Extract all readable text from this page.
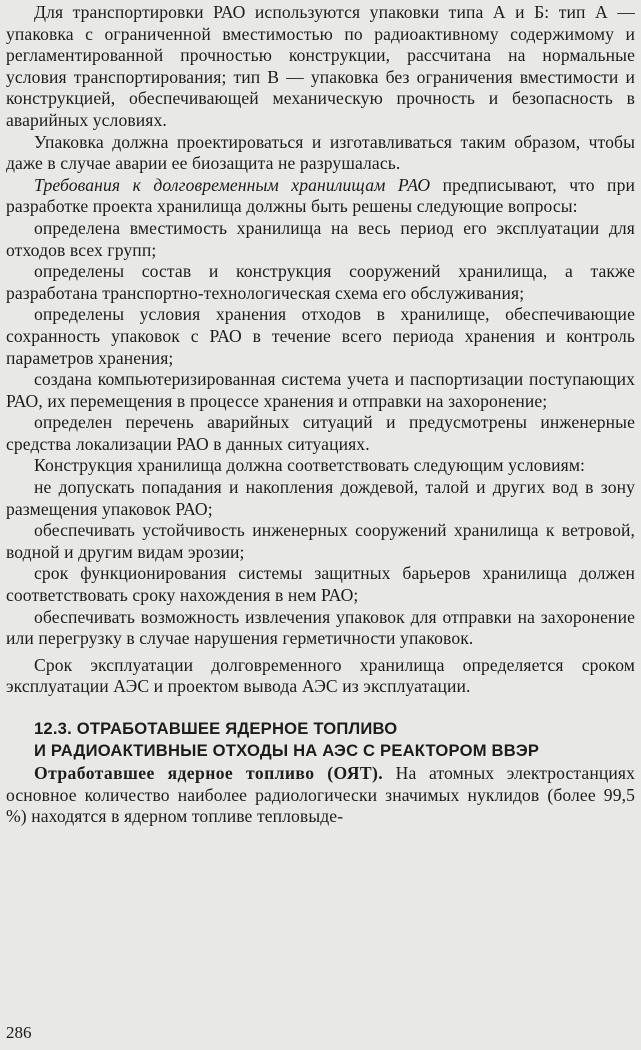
Для транспортировки РАО используются упаковки типа А и Б: тип А — упаковка с ограниченной вместимостью по радиоактивному содержимому и регламентированной прочностью конструкции, рассчитана на нормальные условия транспортирования; тип В — упаковка без ограничения вместимости и конструкцией, обеспечивающей механическую прочность и безопасность в аварийных условиях.

Упаковка должна проектироваться и изготавливаться таким образом, чтобы даже в случае аварии ее биозащита не разрушалась.

Требования к долговременным хранилищам РАО предписывают, что при разработке проекта хранилища должны быть решены следующие вопросы:

определена вместимость хранилища на весь период его эксплуатации для отходов всех групп;

определены состав и конструкция сооружений хранилища, а также разработана транспортно-технологическая схема его обслуживания;

определены условия хранения отходов в хранилище, обеспечивающие сохранность упаковок с РАО в течение всего периода хранения и контроль параметров хранения;

создана компьютеризированная система учета и паспортизации поступающих РАО, их перемещения в процессе хранения и отправки на захоронение;

определен перечень аварийных ситуаций и предусмотрены инженерные средства локализации РАО в данных ситуациях.

Конструкция хранилища должна соответствовать следующим условиям:

не допускать попадания и накопления дождевой, талой и других вод в зону размещения упаковок РАО;

обеспечивать устойчивость инженерных сооружений хранилища к ветровой, водной и другим видам эрозии;

срок функционирования системы защитных барьеров хранилища должен соответствовать сроку нахождения в нем РАО;

обеспечивать возможность извлечения упаковок для отправки на захоронение или перегрузку в случае нарушения герметичности упаковок.

Срок эксплуатации долговременного хранилища определяется сроком эксплуатации АЭС и проектом вывода АЭС из эксплуатации.

12.3. ОТРАБОТАВШЕЕ ЯДЕРНОЕ ТОПЛИВО
И РАДИОАКТИВНЫЕ ОТХОДЫ НА АЭС С РЕАКТОРОМ ВВЭР

Отработавшее ядерное топливо (ОЯТ). На атомных электростанциях основное количество наиболее радиологически значимых нуклидов (более 99,5 %) находятся в ядерном топливе тепловыде-

286
